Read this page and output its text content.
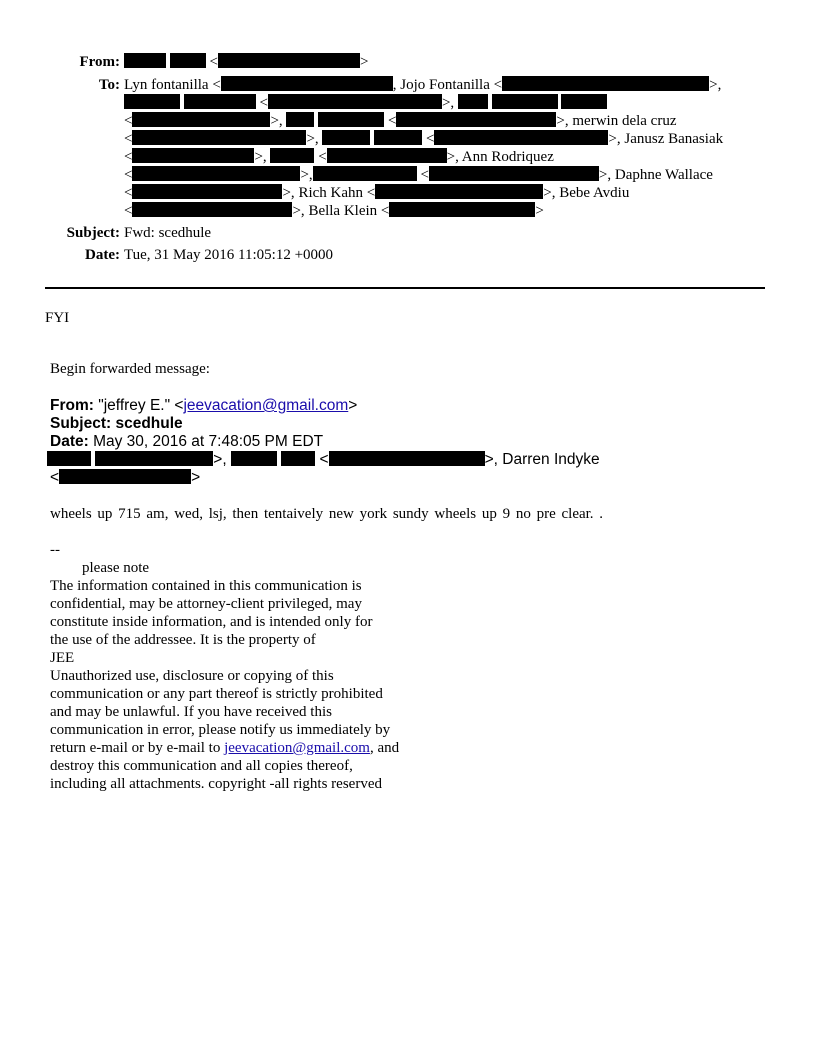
From:	<	>
To: Lyn fontanilla <	, Jojo Fontanilla <	>,
<	>,
<	>,	<	>, merwin dela cruz
<	>,	<	>, Janusz Banasiak
<	>,	<	>, Ann Rodriquez
<	>,	<	>, Daphne Wallace
<	>, Rich Kahn <	>, Bebe Avdiu
<	>, Bella Klein <	>
Subject: Fwd: scedhule
Date: Tue, 31 May 2016 11:05:12 +0000
FYI
Begin forwarded message:
From: "jeffrey E." <jeevacation@gmail.com>
Subject: scedhule
Date: May 30, 2016 at 7:48:05 PM EDT
>,	<	>, Darren Indyke
<	>
wheels up 715 am, wed, lsj, then tentaively new york sundy wheels up 9 no pre clear. .
--
please note
The information contained in this communication is
confidential, may be attorney-client privileged, may
constitute inside information, and is intended only for
the use of the addressee. It is the property of
JEE
Unauthorized use, disclosure or copying of this
communication or any part thereof is strictly prohibited
and may be unlawful. If you have received this
communication in error, please notify us immediately by
return e-mail or by e-mail to jeevacation@gmail.com, and
destroy this communication and all copies thereof,
including all attachments. copyright -all rights reserved
